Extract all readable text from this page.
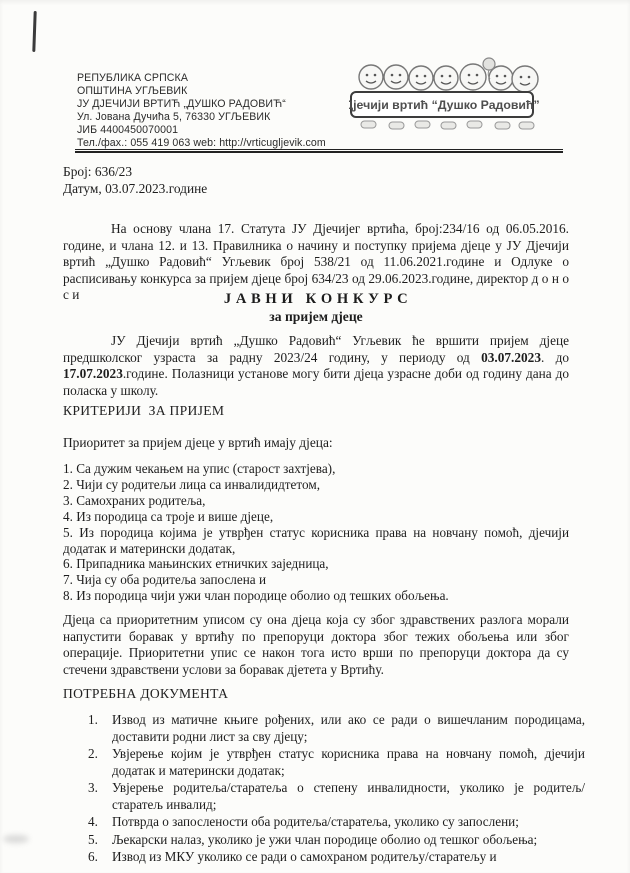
РЕПУБЛИКА СРПСКА
ОПШТИНА УГЉЕВИК
ЈУ ДЈЕЧИЈИ ВРТИЋ „ДУШКО РАДОВИЋ“
Ул. Јована Дучића 5, 76330 УГЉЕВИК
ЈИБ 4400450070001
Тел./фах.: 055 419 063 web: http://vrticugljevik.com
Дјечији вртић “Душко Радовић”
Број: 636/23
Датум, 03.07.2023.године
На основу члана 17. Статута ЈУ Дјечијег вртића, број:234/16 од 06.05.2016. године, и члана 12. и 13. Правилника о начину и поступку пријема дјеце у ЈУ Дјечији вртић „Душко Радовић“ Угљевик број 538/21 од 11.06.2021.године и Одлуке о расписивању конкурса за пријем дјеце број 634/23 од 29.06.2023.године, директор д о н о с и	Ј А В Н И   К О Н К У Р С
за пријем дјеце
ЈУ Дјечији вртић „Душко Радовић“ Угљевик ће вршити пријем дјеце предшколског узраста за радну 2023/24 годину, у периоду од 03.07.2023. до 17.07.2023.године. Полазници установе могу бити дјеца узрасне доби од годину дана до поласка у школу.
КРИТЕРИЈИ  ЗА ПРИЈЕМ
Приоритет за пријем дјеце у вртић имају дјеца:
1. Са дужим чекањем на упис (старост захтјева),
2. Чији су родитељи лица са инвалидидтетом,
3. Самохраних родитеља,
4. Из породица са троје и више дјеце,
5. Из породица којима је утврђен статус корисника права на новчану помоћ, дјечији додатак и матерински додатак,
6. Припадника мањинских етничких заједница,
7. Чија су оба родитеља запослена и
8. Из породица чији ужи члан породице оболио од тешких обољења.
Дјеца са приоритетним уписом су она дјеца која су због здравствених разлога морали напустити боравак у вртићу по препоруци доктора због тежих обољења или због операције. Приоритетни упис се након тога исто врши по препоруци доктора да су стечени здравствени услови за боравак дјетета у Вртићу.
ПОТРЕБНА ДОКУМЕНТА
1.	Извод из матичне књиге рођених, или ако се ради о вишечланим породицама, доставити родни лист за сву дјецу;
2.	Увјерење којим је утврђен статус корисника права на новчану помоћ, дјечији додатак и матерински додатак;
3.	Увјерење родитеља/старатеља о степену инвалидности, уколико је родитељ/старатељ инвалид;
4.	Потврда о запослености оба родитеља/старатеља, уколико су запослени;
5.	Љекарски налаз, уколико је ужи члан породице оболио од тешког обољења;
6.	Извод из МКУ уколико се ради о самохраном родитељу/старатељу и
